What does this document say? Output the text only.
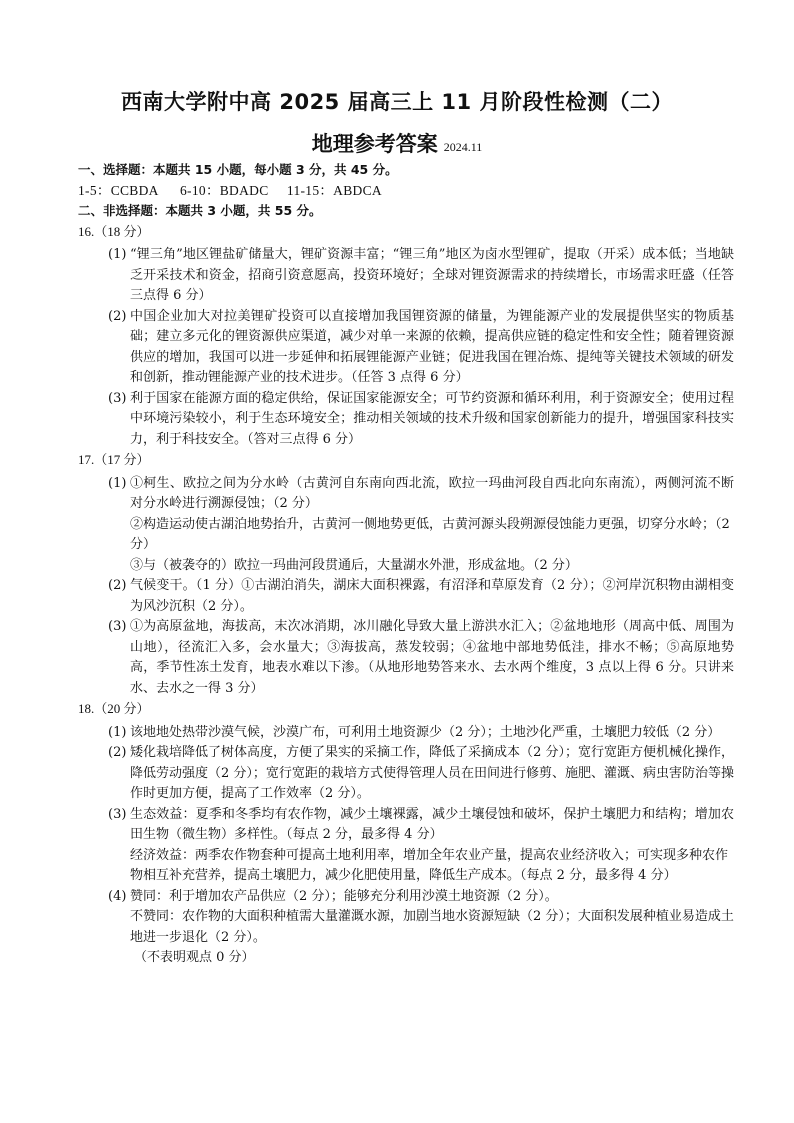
西南大学附中高 2025 届高三上 11 月阶段性检测（二）
地理参考答案 2024.11
一、选择题：本题共 15 小题，每小题 3 分，共 45 分。
1-5：CCBDA      6-10：BDADC     11-15：ABDCA
二、非选择题：本题共 3 小题，共 55 分。
16.（18 分）
(1) “锂三角”地区锂盐矿储量大，锂矿资源丰富；“锂三角”地区为卤水型锂矿，提取（开采）成本低；当地缺乏开采技术和资金，招商引资意愿高，投资环境好；全球对锂资源需求的持续增长，市场需求旺盛（任答三点得 6 分）
(2) 中国企业加大对拉美锂矿投资可以直接增加我国锂资源的储量，为锂能源产业的发展提供坚实的物质基础；建立多元化的锂资源供应渠道，减少对单一来源的依赖，提高供应链的稳定性和安全性；随着锂资源供应的增加，我国可以进一步延伸和拓展锂能源产业链；促进我国在锂冶炼、提纯等关键技术领域的研发和创新，推动锂能源产业的技术进步。（任答 3 点得 6 分）
(3) 利于国家在能源方面的稳定供给，保证国家能源安全；可节约资源和循环利用，利于资源安全；使用过程中环境污染较小，利于生态环境安全；推动相关领域的技术升级和国家创新能力的提升，增强国家科技实力，利于科技安全。（答对三点得 6 分）
17.（17 分）
(1) ①柯生、欧拉之间为分水岭（古黄河自东南向西北流，欧拉一玛曲河段自西北向东南流），两侧河流不断对分水岭进行溯源侵蚀；（2 分）
②构造运动使古湖泊地势抬升，古黄河一侧地势更低，古黄河源头段朔源侵蚀能力更强，切穿分水岭；（2 分）
③与（被袭夺的）欧拉一玛曲河段贯通后，大量湖水外泄，形成盆地。（2 分）
(2) 气候变干。（1 分）①古湖泊消失，湖床大面积裸露，有沼泽和草原发育（2 分）；②河岸沉积物由湖相变为风沙沉积（2 分）。
(3) ①为高原盆地，海拔高，末次冰消期，冰川融化导致大量上游洪水汇入；②盆地地形（周高中低、周围为山地），径流汇入多，会水量大；③海拔高，蒸发较弱；④盆地中部地势低洼，排水不畅；⑤高原地势高，季节性冻土发育，地表水难以下渗。（从地形地势答来水、去水两个维度，3 点以上得 6 分。只讲来水、去水之一得 3 分）
18.（20 分）
(1) 该地地处热带沙漠气候，沙漠广布，可利用土地资源少（2 分）；土地沙化严重，土壤肥力较低（2 分）
(2) 矮化栽培降低了树体高度，方便了果实的采摘工作，降低了采摘成本（2 分）；宽行宽距方便机械化操作，降低劳动强度（2 分）；宽行宽距的栽培方式使得管理人员在田间进行修剪、施肥、灌溉、病虫害防治等操作时更加方便，提高了工作效率（2 分）。
(3) 生态效益：夏季和冬季均有农作物，减少土壤裸露，减少土壤侵蚀和破坏，保护土壤肥力和结构；增加农田生物（微生物）多样性。（每点 2 分，最多得 4 分）
经济效益：两季农作物套种可提高土地利用率，增加全年农业产量，提高农业经济收入；可实现多种农作物相互补充营养，提高土壤肥力，减少化肥使用量，降低生产成本。（每点 2 分，最多得 4 分）
(4) 赞同：利于增加农产品供应（2 分）；能够充分利用沙漠土地资源（2 分）。
不赞同：农作物的大面积种植需大量灌溉水源，加剧当地水资源短缺（2 分）；大面积发展种植业易造成土地进一步退化（2 分）。
（不表明观点 0 分）
